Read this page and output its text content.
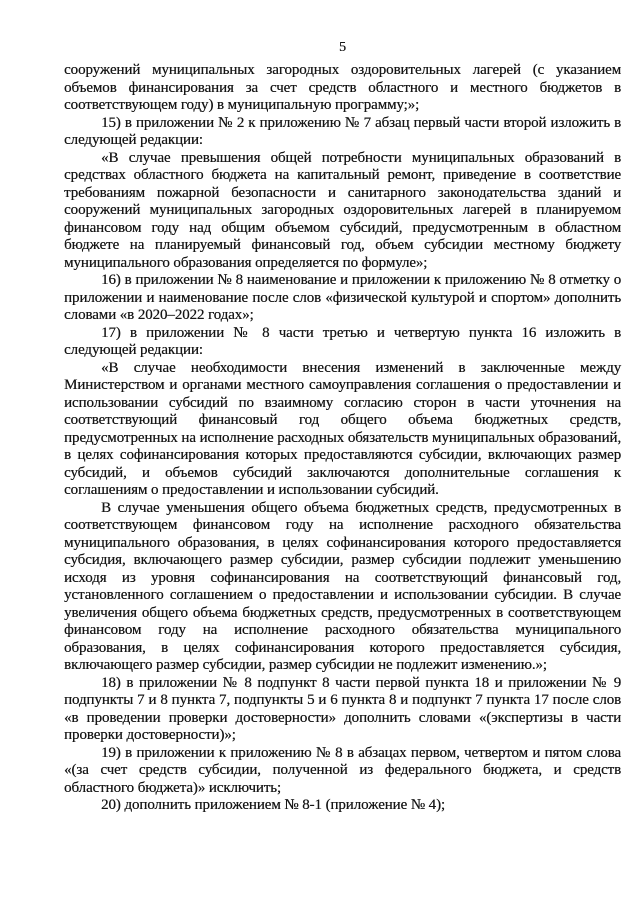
5

сооружений муниципальных загородных оздоровительных лагерей (с указанием объемов финансирования за счет средств областного и местного бюджетов в соответствующем году) в муниципальную программу;»;

15) в приложении № 2 к приложению № 7 абзац первый части второй изложить в следующей редакции:

«В случае превышения общей потребности муниципальных образований в средствах областного бюджета на капитальный ремонт, приведение в соответствие требованиям пожарной безопасности и санитарного законодательства зданий и сооружений муниципальных загородных оздоровительных лагерей в планируемом финансовом году над общим объемом субсидий, предусмотренным в областном бюджете на планируемый финансовый год, объем субсидии местному бюджету муниципального образования определяется по формуле»;

16) в приложении № 8 наименование и приложении к приложению № 8 отметку о приложении и наименование после слов «физической культурой и спортом» дополнить словами «в 2020–2022 годах»;

17) в приложении № 8 части третью и четвертую пункта 16 изложить в следующей редакции:

«В случае необходимости внесения изменений в заключенные между Министерством и органами местного самоуправления соглашения о предоставлении и использовании субсидий по взаимному согласию сторон в части уточнения на соответствующий финансовый год общего объема бюджетных средств, предусмотренных на исполнение расходных обязательств муниципальных образований, в целях софинансирования которых предоставляются субсидии, включающих размер субсидий, и объемов субсидий заключаются дополнительные соглашения к соглашениям о предоставлении и использовании субсидий.

В случае уменьшения общего объема бюджетных средств, предусмотренных в соответствующем финансовом году на исполнение расходного обязательства муниципального образования, в целях софинансирования которого предоставляется субсидия, включающего размер субсидии, размер субсидии подлежит уменьшению исходя из уровня софинансирования на соответствующий финансовый год, установленного соглашением о предоставлении и использовании субсидии. В случае увеличения общего объема бюджетных средств, предусмотренных в соответствующем финансовом году на исполнение расходного обязательства муниципального образования, в целях софинансирования которого предоставляется субсидия, включающего размер субсидии, размер субсидии не подлежит изменению.»;

18) в приложении № 8 подпункт 8 части первой пункта 18 и приложении № 9 подпункты 7 и 8 пункта 7, подпункты 5 и 6 пункта 8 и подпункт 7 пункта 17 после слов «в проведении проверки достоверности» дополнить словами «(экспертизы в части проверки достоверности)»;

19) в приложении к приложению № 8 в абзацах первом, четвертом и пятом слова «(за счет средств субсидии, полученной из федерального бюджета, и средств областного бюджета)» исключить;

20) дополнить приложением № 8-1 (приложение № 4);
